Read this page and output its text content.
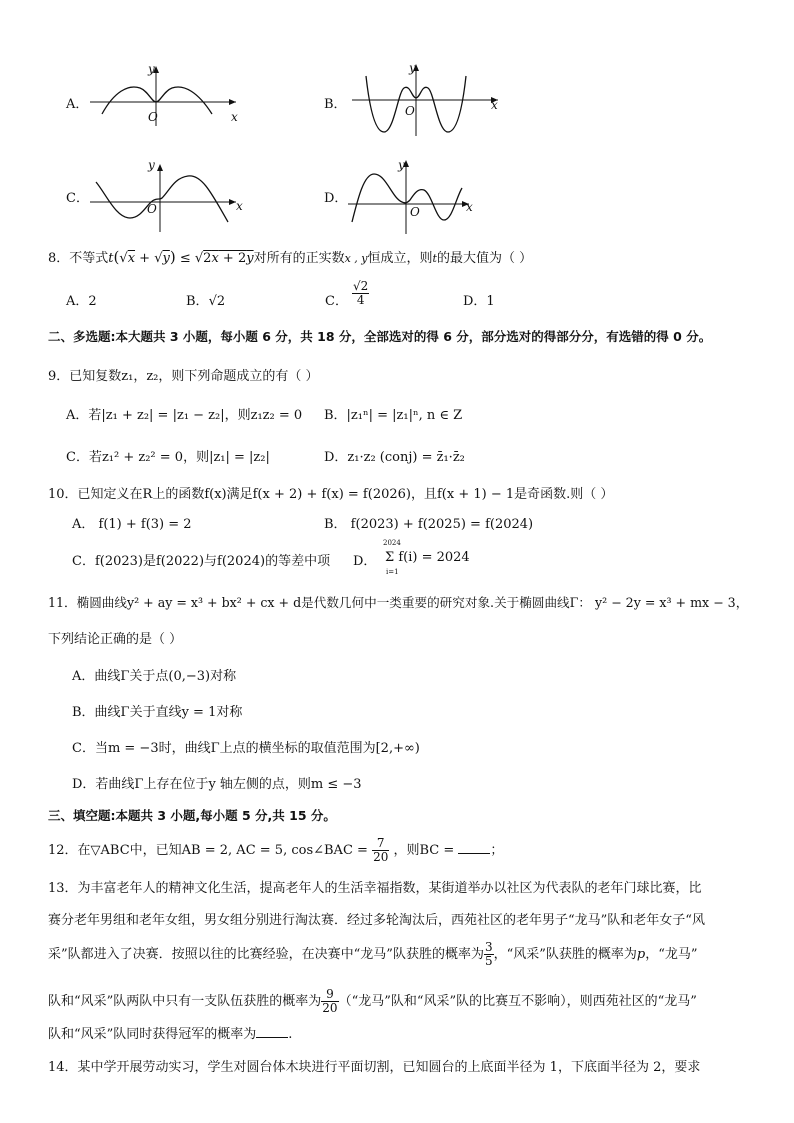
A．
y
x
O
B．
y
x
O
C．
y
x
O
D．
y
x
O
8．不等式t(√x + √y) ≤ √2x + 2y对所有的正实数x , y恒成立，则t的最大值为（ ）
A．2	B．√2	C． $\frac{√2}{4}$	D．1
二、多选题:本大题共 3 小题，每小题 6 分，共 18 分，全部选对的得 6 分，部分选对的得部分分，有选错的得 0 分。
9．已知复数z₁，z₂，则下列命题成立的有（ ）
A．若|z₁ + z₂| = |z₁ − z₂|，则z₁z₂ = 0 B．|z₁ⁿ| = |z₁|ⁿ, n ∈ Z
C．若z₁² + z₂² = 0，则|z₁| = |z₂|	D．z₁·z₂ (conj) = z̄₁·z̄₂
10．已知定义在R上的函数f(x)满足f(x + 2) + f(x) = f(2026)，且f(x + 1) − 1是奇函数.则（ ）
A． f(1) + f(3) = 2	B． f(2023) + f(2025) = f(2024)
C．f(2023)是f(2022)与f(2024)的等差中项 D．
2024
i=1
Σ f(i) = 2024
11．椭圆曲线y² + ay = x³ + bx² + cx + d是代数几何中一类重要的研究对象.关于椭圆曲线Γ： y² − 2y = x³ + mx − 3，
下列结论正确的是（ ）
A．曲线Γ关于点(0,−3)对称
B．曲线Γ关于直线y = 1对称
C．当m = −3时，曲线Γ上点的横坐标的取值范围为[2,+∞)
D．若曲线Γ上存在位于y 轴左侧的点，则m ≤ −3
三、填空题:本题共 3 小题,每小题 5 分,共 15 分。
12．在▽ABC中，已知AB = 2, AC = 5, cos∠BAC = $\frac{7}{20}$ ，则BC =	；
13．为丰富老年人的精神文化生活，提高老年人的生活幸福指数，某街道举办以社区为代表队的老年门球比赛，比
赛分老年男组和老年女组，男女组分别进行淘汰赛．经过多轮淘汰后，西苑社区的老年男子“龙马”队和老年女子“风
采”队都进入了决赛．按照以往的比赛经验，在决赛中“龙马”队获胜的概率为 $\frac{3}{5}$ ，“风采”队获胜的概率为p，“龙马”
队和“风采”队两队中只有一支队伍获胜的概率为 $\frac{9}{20}$ （“龙马”队和“风采”队的比赛互不影响），则西苑社区的“龙马”
队和“风采”队同时获得冠军的概率为 .
14．某中学开展劳动实习，学生对圆台体木块进行平面切割，已知圆台的上底面半径为 1，下底面半径为 2，要求
